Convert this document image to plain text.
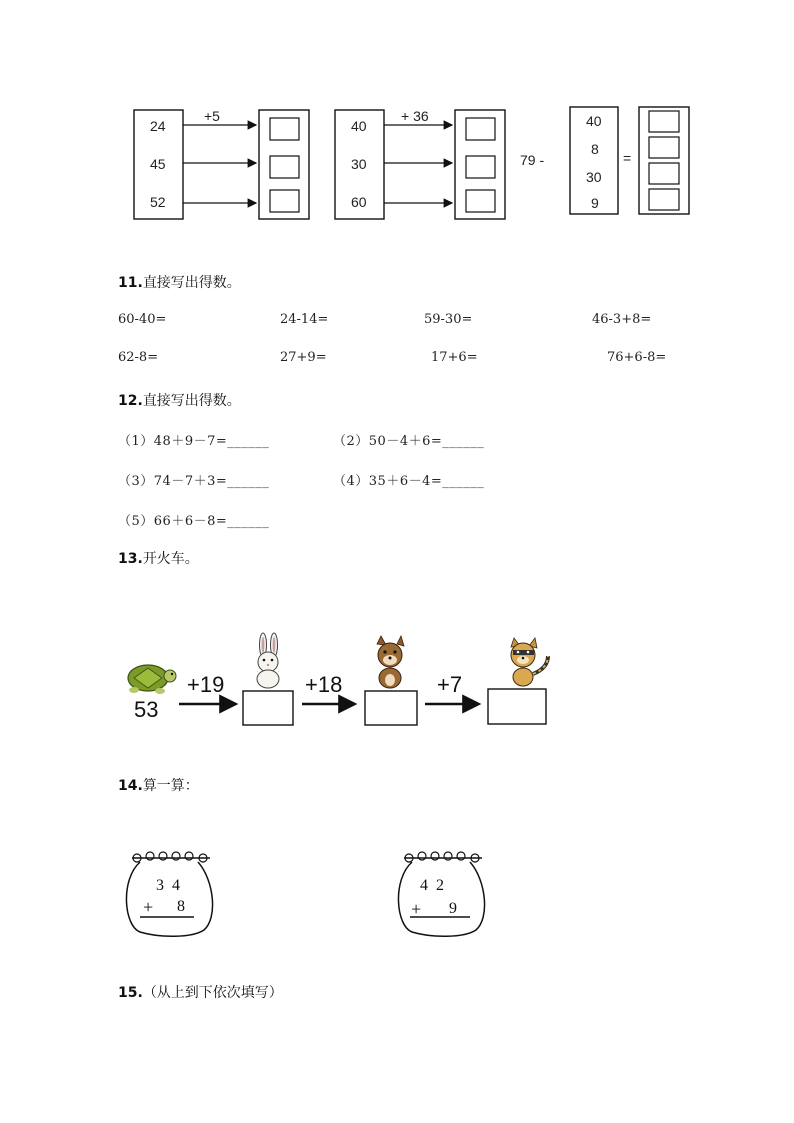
+5
24
45
52
+ 36
40
30
60
79 -
40
8
30
9
=
11.直接写出得数。
60-40=	24-14=	59-30=	46-3+8=
62-8=	27+9=	17+6=	76+6-8=
12.直接写出得数。
（1）48＋9－7=______	（2）50－4＋6=______
（3）74－7＋3=______	（4）35＋6－4=______
（5）66＋6－8=______
13.开火车。
53
+19	+18	+7
14.算一算：
3 4
+ 8
4 2
+ 9
15.（从上到下依次填写）
